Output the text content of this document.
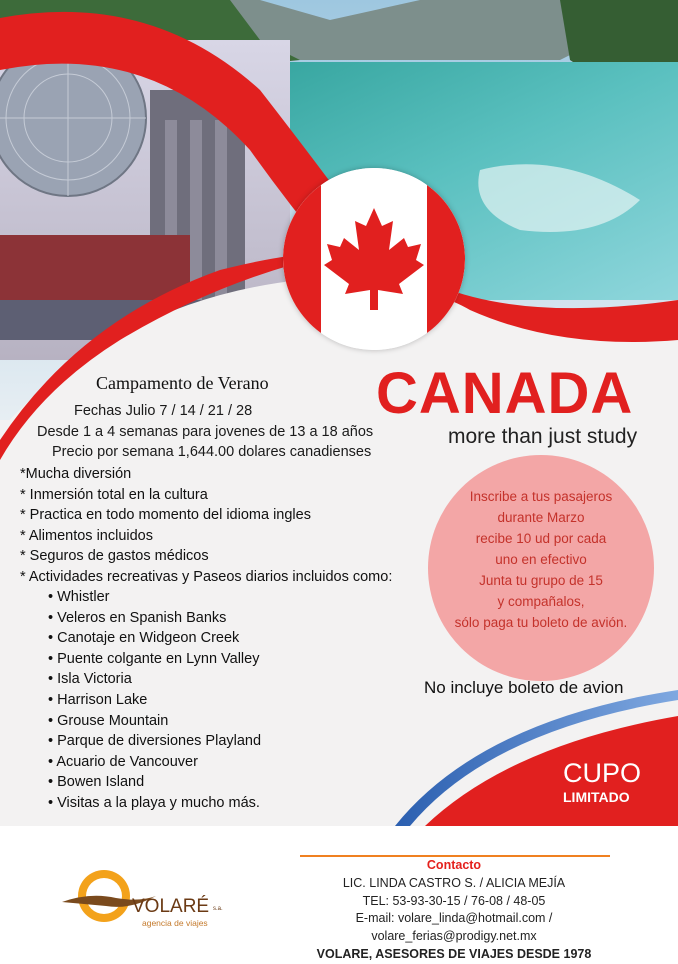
Campamento de Verano
Fechas Julio 7 / 14 / 21 / 28
Desde 1 a 4 semanas para jovenes de 13 a 18 años
Precio por semana 1,644.00 dolares canadienses
*Mucha diversión
* Inmersión total en la cultura
* Practica en todo momento del idioma ingles
* Alimentos incluidos
* Seguros de gastos médicos
* Actividades recreativas y Paseos diarios incluidos como:
• Whistler
• Veleros en Spanish Banks
• Canotaje en Widgeon Creek
• Puente colgante en Lynn Valley
• Isla Victoria
• Harrison Lake
• Grouse Mountain
• Parque de diversiones Playland
• Acuario de Vancouver
• Bowen Island
• Visitas a la playa y mucho más.
CANADA
more than just study
Inscribe a tus pasajeros
durante Marzo
recibe 10 ud por cada
uno en efectivo
Junta tu grupo de 15
y compañalos,
sólo paga tu boleto de avión.
No incluye boleto de avion
CUPO
LIMITADO
VOLARÉ s.a.
agencia de viajes
Contacto
LIC. LINDA CASTRO S. / ALICIA MEJÍA
TEL: 53-93-30-15 / 76-08 / 48-05
E-mail: volare_linda@hotmail.com /
volare_ferias@prodigy.net.mx
VOLARE, ASESORES DE VIAJES DESDE 1978
